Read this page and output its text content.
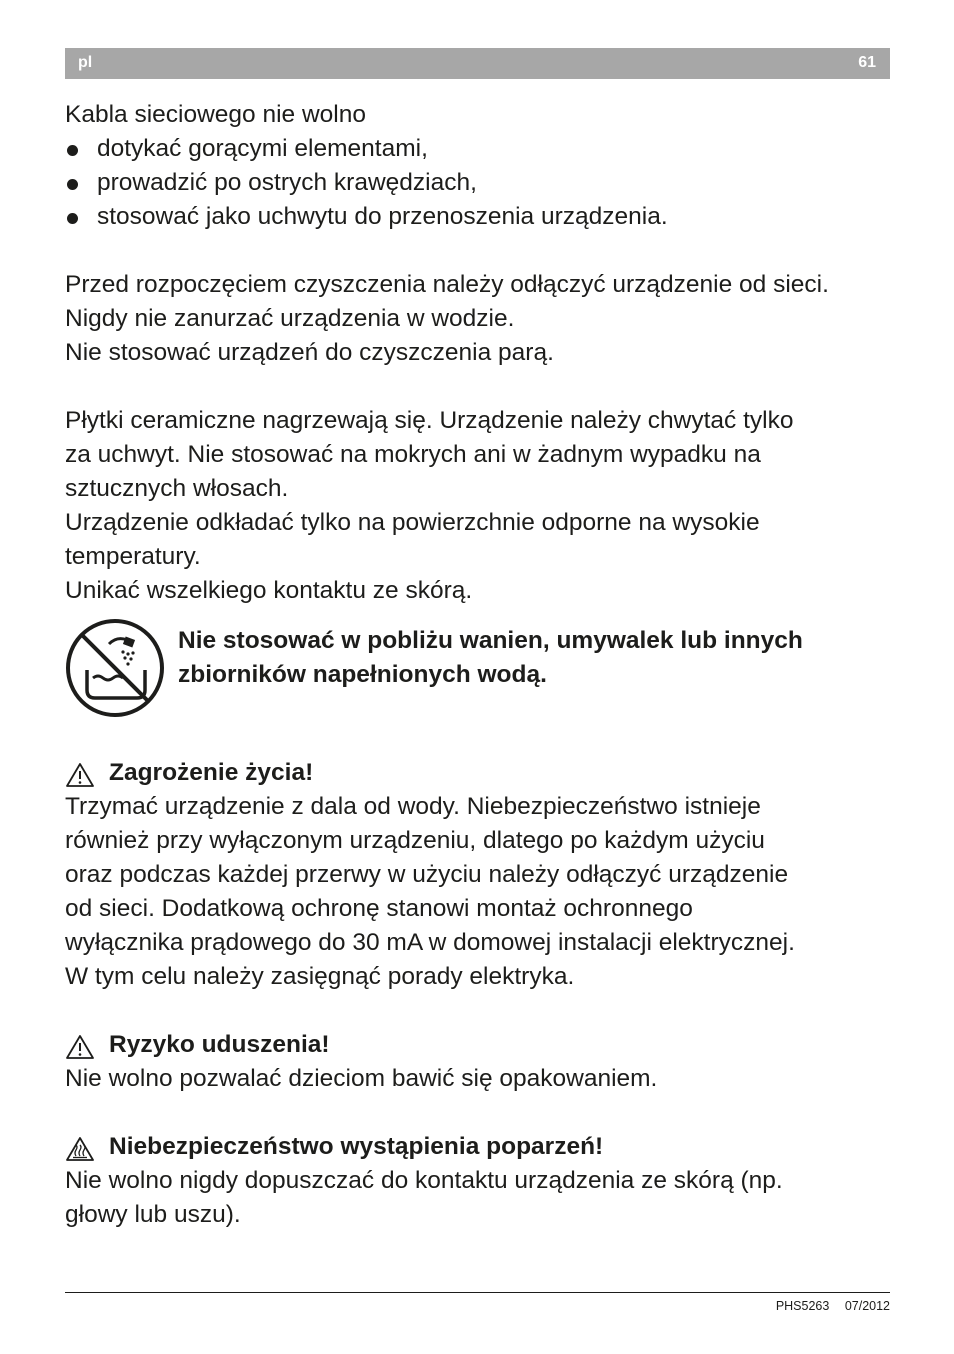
pl	61
Kabla sieciowego nie wolno
dotykać gorącymi elementami,
prowadzić po ostrych krawędziach,
stosować jako uchwytu do przenoszenia urządzenia.
Przed rozpoczęciem czyszczenia należy odłączyć urządzenie od sieci.
Nigdy nie zanurzać urządzenia w wodzie.
Nie stosować urządzeń do czyszczenia parą.
Płytki ceramiczne nagrzewają się. Urządzenie należy chwytać tylko
za uchwyt. Nie stosować na mokrych ani w żadnym wypadku na
sztucznych włosach.
Urządzenie odkładać tylko na powierzchnie odporne na wysokie
temperatury.
Unikać wszelkiego kontaktu ze skórą.
Nie stosować w pobliżu wanien, umywalek lub innych
zbiorników napełnionych wodą.
Zagrożenie życia!
Trzymać urządzenie z dala od wody. Niebezpieczeństwo istnieje
również przy wyłączonym urządzeniu, dlatego po każdym użyciu
oraz podczas każdej przerwy w użyciu należy odłączyć urządzenie
od sieci. Dodatkową ochronę stanowi montaż ochronnego
wyłącznika prądowego do 30 mA w domowej instalacji elektrycznej.
W tym celu należy zasięgnąć porady elektryka.
Ryzyko uduszenia!
Nie wolno pozwalać dzieciom bawić się opakowaniem.
Niebezpieczeństwo wystąpienia poparzeń!
Nie wolno nigdy dopuszczać do kontaktu urządzenia ze skórą (np.
głowy lub uszu).
PHS5263 07/2012
